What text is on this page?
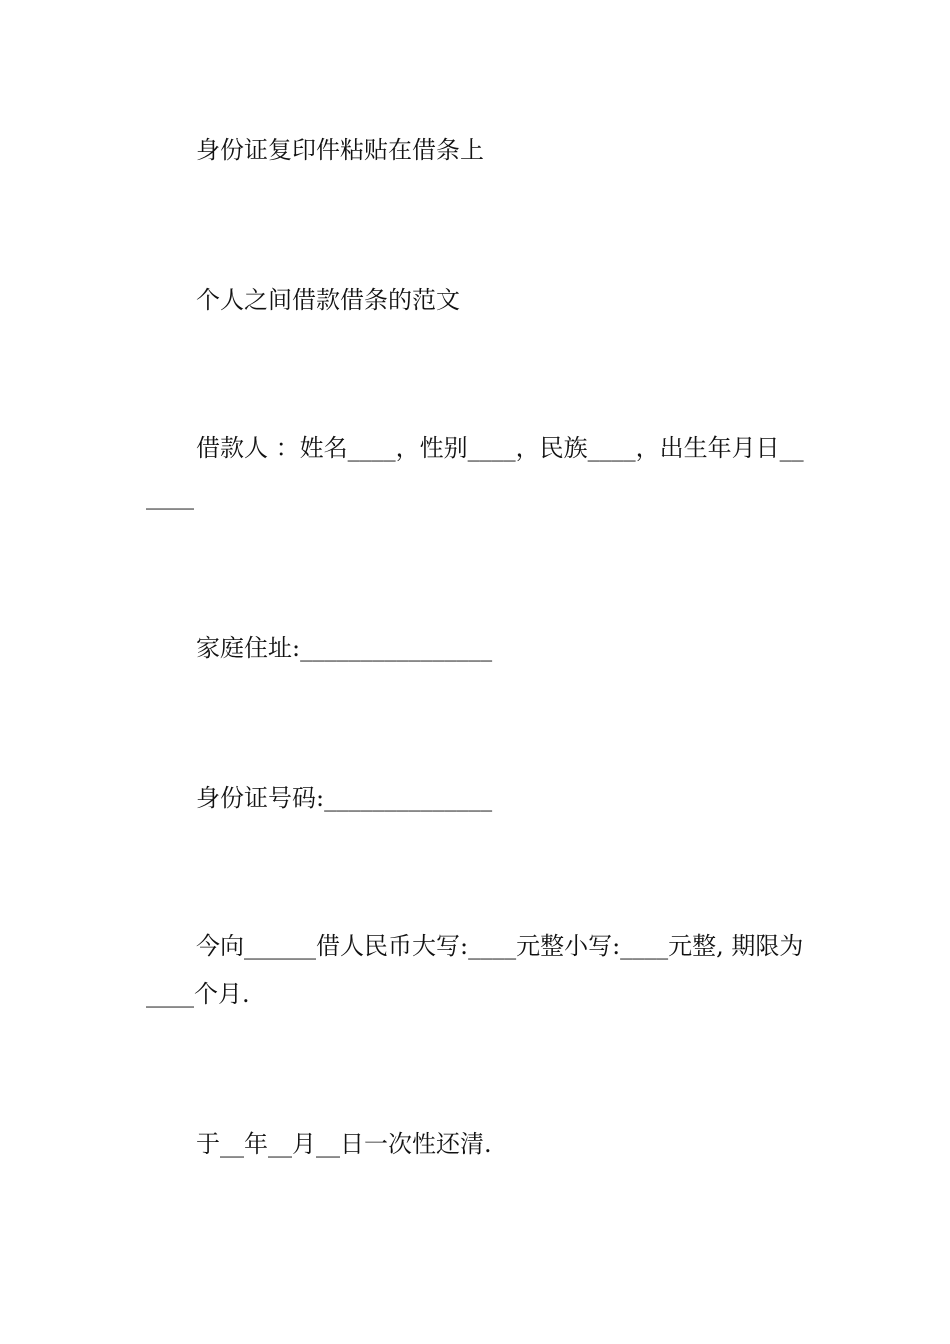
身份证复印件粘贴在借条上

个人之间借款借条的范文

借款人 ：姓名____，性别____，民族____，出生年月日______

家庭住址:________________

身份证号码:______________

今向______借人民币大写:____元整小写:____元整, 期限为____个月.

于__年__月__日一次性还清.
